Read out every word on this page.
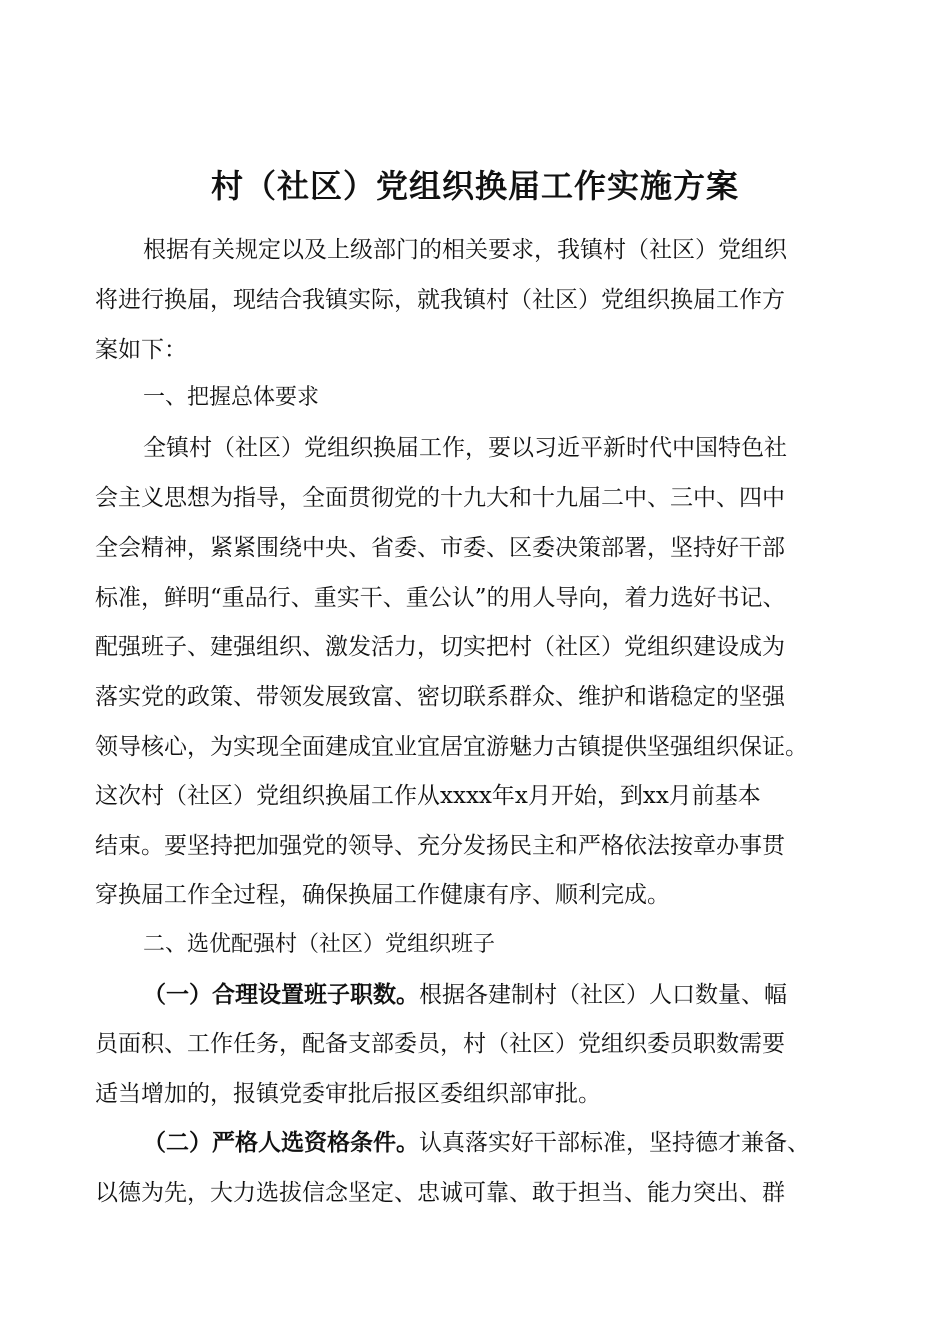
村（社区）党组织换届工作实施方案
根据有关规定以及上级部门的相关要求，我镇村（社区）党组织
将进行换届，现结合我镇实际，就我镇村（社区）党组织换届工作方
案如下：
一、把握总体要求
全镇村（社区）党组织换届工作，要以习近平新时代中国特色社
会主义思想为指导，全面贯彻党的十九大和十九届二中、三中、四中
全会精神，紧紧围绕中央、省委、市委、区委决策部署，坚持好干部
标准，鲜明“重品行、重实干、重公认”的用人导向，着力选好书记、
配强班子、建强组织、激发活力，切实把村（社区）党组织建设成为
落实党的政策、带领发展致富、密切联系群众、维护和谐稳定的坚强
领导核心，为实现全面建成宜业宜居宜游魅力古镇提供坚强组织保证。
这次村（社区）党组织换届工作从xxxx年x月开始，到xx月前基本
结束。要坚持把加强党的领导、充分发扬民主和严格依法按章办事贯
穿换届工作全过程，确保换届工作健康有序、顺利完成。
二、选优配强村（社区）党组织班子
（一）合理设置班子职数。根据各建制村（社区）人口数量、幅
员面积、工作任务，配备支部委员，村（社区）党组织委员职数需要
适当增加的，报镇党委审批后报区委组织部审批。
（二）严格人选资格条件。认真落实好干部标准，坚持德才兼备、
以德为先，大力选拔信念坚定、忠诚可靠、敢于担当、能力突出、群
